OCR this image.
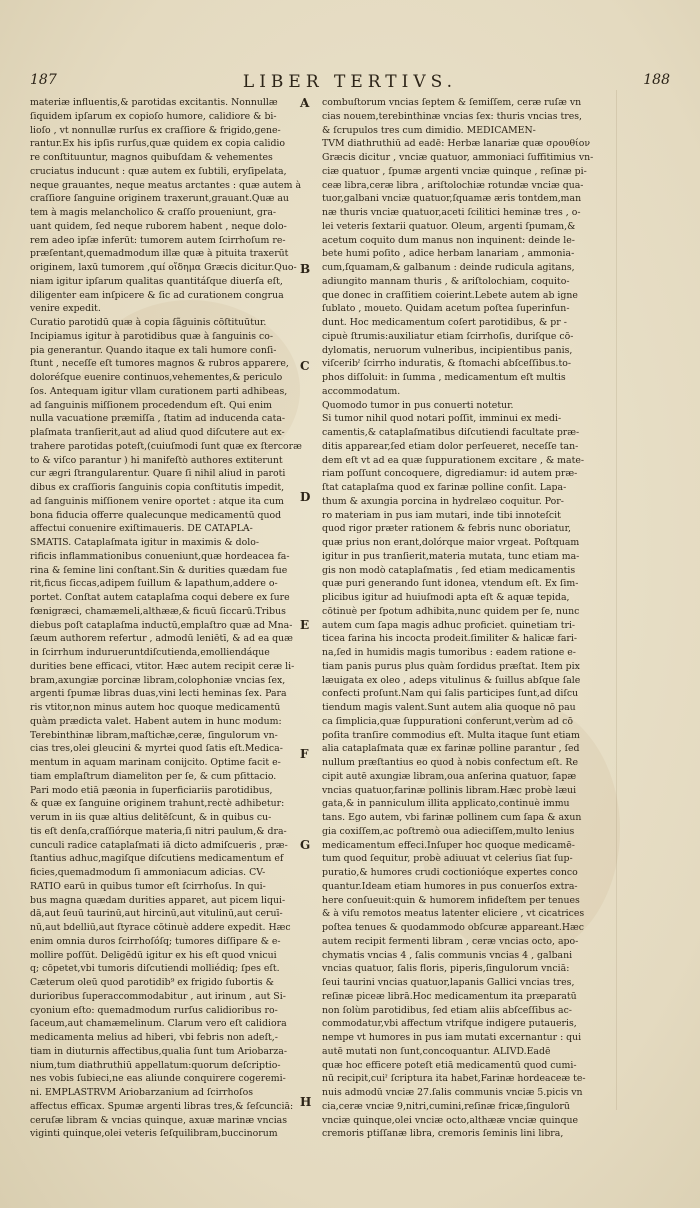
187	LIBER TERTIVS.	188
materiæ influentis,& parotidas excitantis. Nonnullæ
ſiquidem ipſarum ex copioſo humore, calidiore & bi-
lioſo , vt nonnullæ rurſus ex craſſiore & frigido,gene-
rantur.Ex his ipſis rurſus,quæ quidem ex copia calidio
re conſtituuntur, magnos quibuſdam & vehementes
cruciatus inducunt : quæ autem ex ſubtili, eryſipelata,
neque grauantes, neque meatus arctantes : quæ autem à
craſſiore ſanguine originem traxerunt,grauant.Quæ au
tem à magis melancholico & craſſo proueniunt, gra-
uant quidem, ſed neque ruborem habent , neque dolo-
rem adeo ipſæ inferūt: tumorem autem ſcirrhoſum re-
præſentant,quemadmodum illæ quæ à pituita traxerūt
originem, laxū tumorem ,quí οἴδημα Græcis dicitur.Quo-
niam igitur ipſarum qualitas quantitáſque diuerſa eſt,
diligenter eam inſpicere & ſic ad curationem congrua
venire expedit.
Curatio parotidū quæ à copia ſãguinis cōſtituūtur.
Incipiamus igitur à parotidibus quæ à ſanguinis co-
pia generantur. Quando itaque ex tali humore conſi-
ſtunt , neceſſe eſt tumores magnos & rubros apparere,
doloréſque euenire continuos,vehementes,& periculo
ſos. Antequam igitur vllam curationem parti adhibeas,
ad ſanguinis miſſionem procedendum eſt. Qui enim
nulla vacuatione præmiſſa , ſtatim ad inducenda cata-
plaſmata tranſierit,aut ad aliud quod diſcutere aut ex-
trahere parotidas poteſt,(cuiuſmodi ſunt quæ ex ſtercoræ
to & viſco parantur ) hi manifeſtò authores extiterunt
cur ægri ſtrangularentur. Quare ſi nihil aliud in paroti
dibus ex craſſioris ſanguinis copia conſtitutis impedit,
ad ſanguinis miſſionem venire oportet : atque ita cum
bona fiducia offerre qualecunque medicamentū quod
affectui conuenire exiſtimaueris. DE CATAPLA-
SMATIS. Cataplaſmata igitur in maximis & dolo-
rificis inflammationibus conueniunt,quæ hordeacea fa-
rina & ſemine lini conſtant.Sin & durities quædam fue
rit,ficus ſiccas,adipem ſuillum & lapathum,addere o-
portet. Conſtat autem cataplaſma coqui debere ex ſure
fœnigræci, chamæmeli,althææ,& ficuū ſiccarū.Tribus
diebus poſt cataplaſma inductū,emplaſtro quæ ad Mna-
ſæum authorem refertur , admodū leniētī, & ad ea quæ
in ſcirrhum indurueruntdiſcutienda,emolliendáque
durities bene efficaci, vtitor. Hæc autem recipit ceræ li-
bram,axungiæ porcinæ libram,colophoniæ vncias ſex,
argenti ſpumæ libras duas,vini lecti heminas ſex. Para
ris vtitor,non minus autem hoc quoque medicamentū
quàm prædicta valet. Habent autem in hunc modum:
Terebinthinæ libram,maſtichæ,ceræ, ſingulorum vn-
cias tres,olei gleucini & myrtei quod ſatis eſt.Medica-
mentum in aquam marinam conijcito. Optime facit e-
tiam emplaſtrum diameliton per ſe, & cum pſittacio.
Pari modo etiā pæonia in ſuperficiariis parotidibus,
& quæ ex ſanguine originem trahunt,rectè adhibetur:
verum in iis quæ altius delitēſcunt, & in quibus cu-
tis eſt denſa,craſſiórque materia,ſi nitri paulum,& dra-
cunculi radice cataplaſmati iā dicto admiſcueris , præ-
ſtantius adhuc,magiſque diſcutiens medicamentum ef
ficies,quemadmodum ſi ammoniacum adicias. CV-
RATIO earū in quibus tumor eſt ſcirrhoſus. In qui-
bus magna quædam durities apparet, aut picem liqui-
dā,aut ſeuū taurinū,aut hircinū,aut vitulinū,aut ceruī-
nū,aut bdelliū,aut ſtyrace cōtinuè addere expedit. Hæc
enim omnia duros ſcirrhoſóſq; tumores diſſipare & e-
mollire poſſūt. Deligēdū igitur ex his eſt quod vnicui
q; cōpetet,vbi tumoris diſcutiendi molliédiq; ſpes eſt.
Cæterum oleū quod parotidib⁹ ex frigido ſubortis &
durioribus ſuperaccommodabitur , aut irinum , aut Si-
cyonium eſto: quemadmodum rurſus calidioribus ro-
ſaceum,aut chamæmelinum. Clarum vero eſt calidiora
medicamenta melius ad hiberi, vbi febris non adeſt,-
tiam in diuturnis affectibus,qualia ſunt tum Ariobarza-
nium,tum diathruthiū appellatum:quorum deſcriptio-
nes vobis ſubieci,ne eas aliunde conquirere cogeremi-
ni. EMPLASTRVM Ariobarzanium ad ſcirrhoſos
affectus efficax. Spumæ argenti libras tres,& ſeſcunciā:
ceruſæ libram & vncias quinque, axuæ marinæ vncias
viginti quinque,olei veteris ſeſquilibram,buccinorum
combuſtorum vncias ſeptem & ſemiſſem, ceræ ruſæ vn
cias nouem,terebinthinæ vncias ſex: thuris vncias tres,
& ſcrupulos tres cum dimidio. MEDICAMEN-
TVM diathruthiū ad eadē: Herbæ lanariæ quæ σρουθίον
Græcis dicitur , vnciæ quatuor, ammoniaci ſuffitimius vn-
ciæ quatuor , ſpumæ argenti vnciæ quinque , reſinæ pi-
ceæ libra,ceræ libra , ariſtolochiæ rotundæ vnciæ qua-
tuor,galbani vnciæ quatuor,ſquamæ æris tontdem,man
næ thuris vnciæ quatuor,aceti ſcilitici heminæ tres , o-
lei veteris ſextarii quatuor. Oleum, argenti ſpumam,&
acetum coquito dum manus non inquinent: deinde le-
bete humi poſito , adice herbam lanariam , ammonia-
cum,ſquamam,& galbanum : deinde rudicula agitans,
adiungito mannam thuris , & ariſtolochiam, coquito-
que donec in craſſitiem coierint.Lebete autem ab igne
ſublato , moueto. Quidam acetum poſtea ſuperinfun-
dunt. Hoc medicamentum coſert parotidibus, & pr -
cipuè ſtrumis:auxiliatur etiam ſcirrhoſis, duriſque cō-
dylomatis, neruorum vulneribus, incipientibus panis,
viſceribˀ ſcirrho induratis, & ſtomachi abſceſſibus.to-
phos diſſoluit: in ſumma , medicamentum eſt multis
accommodatum.
Quomodo tumor in pus conuerti notetur.
Si tumor nihil quod notari poſſit, imminui ex medi-
camentis,& cataplaſmatibus diſcutiendi facultate præ-
ditis apparear,ſed etiam dolor perſeueret, neceſſe tan-
dem eſt vt ad ea quæ ſuppurationem excitare , & mate-
riam poſſunt concoquere, digrediamur: id autem præ-
ſtat cataplaſma quod ex farinæ polline conſit. Lapa-
thum & axungia porcina in hydrelæo coquitur. Por-
ro materiam in pus iam mutari, inde tibi innoteſcit
quod rigor præter rationem & febris nunc oboriatur,
quæ prius non erant,dolórque maior vrgeat. Poſtquam
igitur in pus tranſierit,materia mutata, tunc etiam ma-
gis non modò cataplaſmatis , ſed etiam medicamentis
quæ puri generando ſunt idonea, vtendum eſt. Ex ſim-
plicibus igitur ad huiuſmodi apta eſt & aquæ tepida,
cōtinuè per ſpotum adhibita,nunc quidem per ſe, nunc
autem cum ſapa magis adhuc proficiet. quinetiam tri-
ticea farina his incocta prodeit.ſimiliter & halicæ fari-
na,ſed in humidis magis tumoribus : eadem ratione e-
tiam panis purus plus quàm ſordidus præſtat. Item pix
læuigata ex oleo , adeps vitulinus & ſuillus abſque ſale
confecti proſunt.Nam qui ſalis participes ſunt,ad diſcu
tiendum magis valent.Sunt autem alia quoque nō pau
ca ſimplicia,quæ ſuppurationi conferunt,verùm ad cō
poſita tranſire commodius eſt. Multa itaque ſunt etiam
alia cataplaſmata quæ ex farinæ polline parantur , ſed
nullum præſtantius eo quod à nobis confectum eſt. Re
cipit autē axungiæ libram,oua anſerina quatuor, ſapæ
vncias quatuor,farinæ pollinis libram.Hæc probè læui
gata,& in panniculum illita applicato,continuè immu
tans. Ego autem, vbi farinæ pollinem cum ſapa & axun
gia coxiſſem,ac poſtremò oua adieciſſem,multo lenius
medicamentum effeci.Inſuper hoc quoque medicamē-
tum quod ſequitur, probè adiuuat vt celerius ſiat ſup-
puratio,& humores crudi coctionióque expertes conco
quantur.Ideam etiam humores in pus conuerſos extra-
here conſueuit:quin & humorem infideſtem per tenues
& à viſu remotos meatus latenter eliciere , vt cicatrices
poſtea tenues & quodammodo obſcuræ appareant.Hæc
autem recipit fermenti libram , ceræ vncias octo, apo-
chymatis vncias 4 , ſalis communis vncias 4 , galbani
vncias quatuor, ſalis floris, piperis,ſingulorum vnciā:
ſeui taurini vncias quatuor,lapanis Gallici vncias tres,
reſinæ piceæ librā.Hoc medicamentum ita præparatū
non ſolùm parotidibus, ſed etiam aliis abſceſſibus ac-
commodatur,vbi affectum vtrifque indigere putaueris,
nempe vt humores in pus iam mutati excernantur : qui
autē mutati non ſunt,concoquantur. ALIVD.Eadē
quæ hoc efficere poteſt etiā medicamentū quod cumi-
nū recipit,cuiˀ ſcriptura ita habet,Farinæ hordeaceæ te-
nuis admodū vnciæ 27.ſalis communis vnciæ 5.picis vn
cia,ceræ vnciæ 9,nitri,cumini,reſinæ fricæ,ſingulorū
vnciæ quinque,olei vnciæ octo,althææ vnciæ quinque
cremoris ptiſſanæ libra, cremoris ſeminis lini libra,
A
B
C
D
E
F
G
H
